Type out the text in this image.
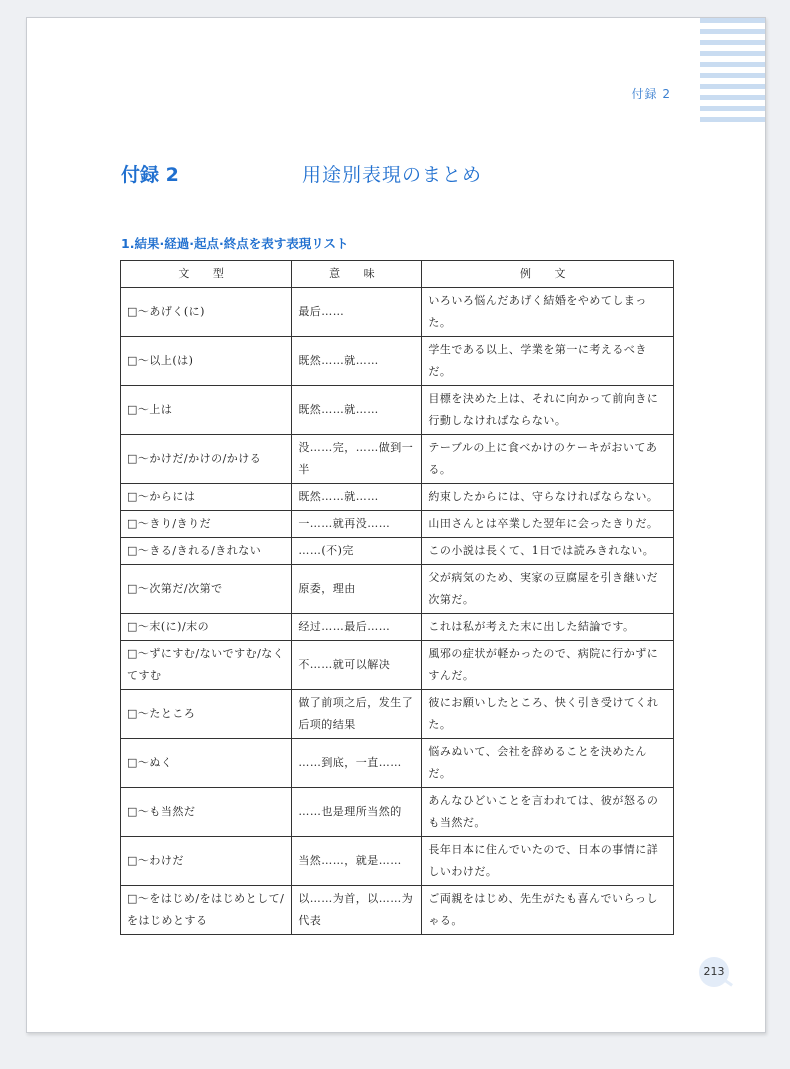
付録 2
付録 2	用途別表現のまとめ
1.結果·経過·起点·終点を表す表現リスト
文 型	意 味	例 文
□～あげく(に)	最后……	いろいろ悩んだあげく結婚をやめてしまった。
□～以上(は)	既然……就……	学生である以上、学業を第一に考えるべきだ。
□～上は	既然……就……	目標を決めた上は、それに向かって前向きに行動しなければならない。
□～かけだ/かけの/かける	没……完，……做到一半	テーブルの上に食べかけのケーキがおいてある。
□～からには	既然……就……	約束したからには、守らなければならない。
□～きり/きりだ	一……就再没……	山田さんとは卒業した翌年に会ったきりだ。
□～きる/きれる/きれない	……(不)完	この小説は長くて、1日では読みきれない。
□～次第だ/次第で	原委，理由	父が病気のため、実家の豆腐屋を引き継いだ次第だ。
□～末(に)/末の	经过……最后……	これは私が考えた末に出した結論です。
□～ずにすむ/ないですむ/なくてすむ	不……就可以解决	風邪の症状が軽かったので、病院に行かずにすんだ。
□～たところ	做了前项之后，发生了后项的结果	彼にお願いしたところ、快く引き受けてくれた。
□～ぬく	……到底，一直……	悩みぬいて、会社を辞めることを決めたんだ。
□～も当然だ	……也是理所当然的	あんなひどいことを言われては、彼が怒るのも当然だ。
□～わけだ	当然……，就是……	長年日本に住んでいたので、日本の事情に詳しいわけだ。
□～をはじめ/をはじめとして/をはじめとする	以……为首，以……为代表	ご両親をはじめ、先生がたも喜んでいらっしゃる。
213
